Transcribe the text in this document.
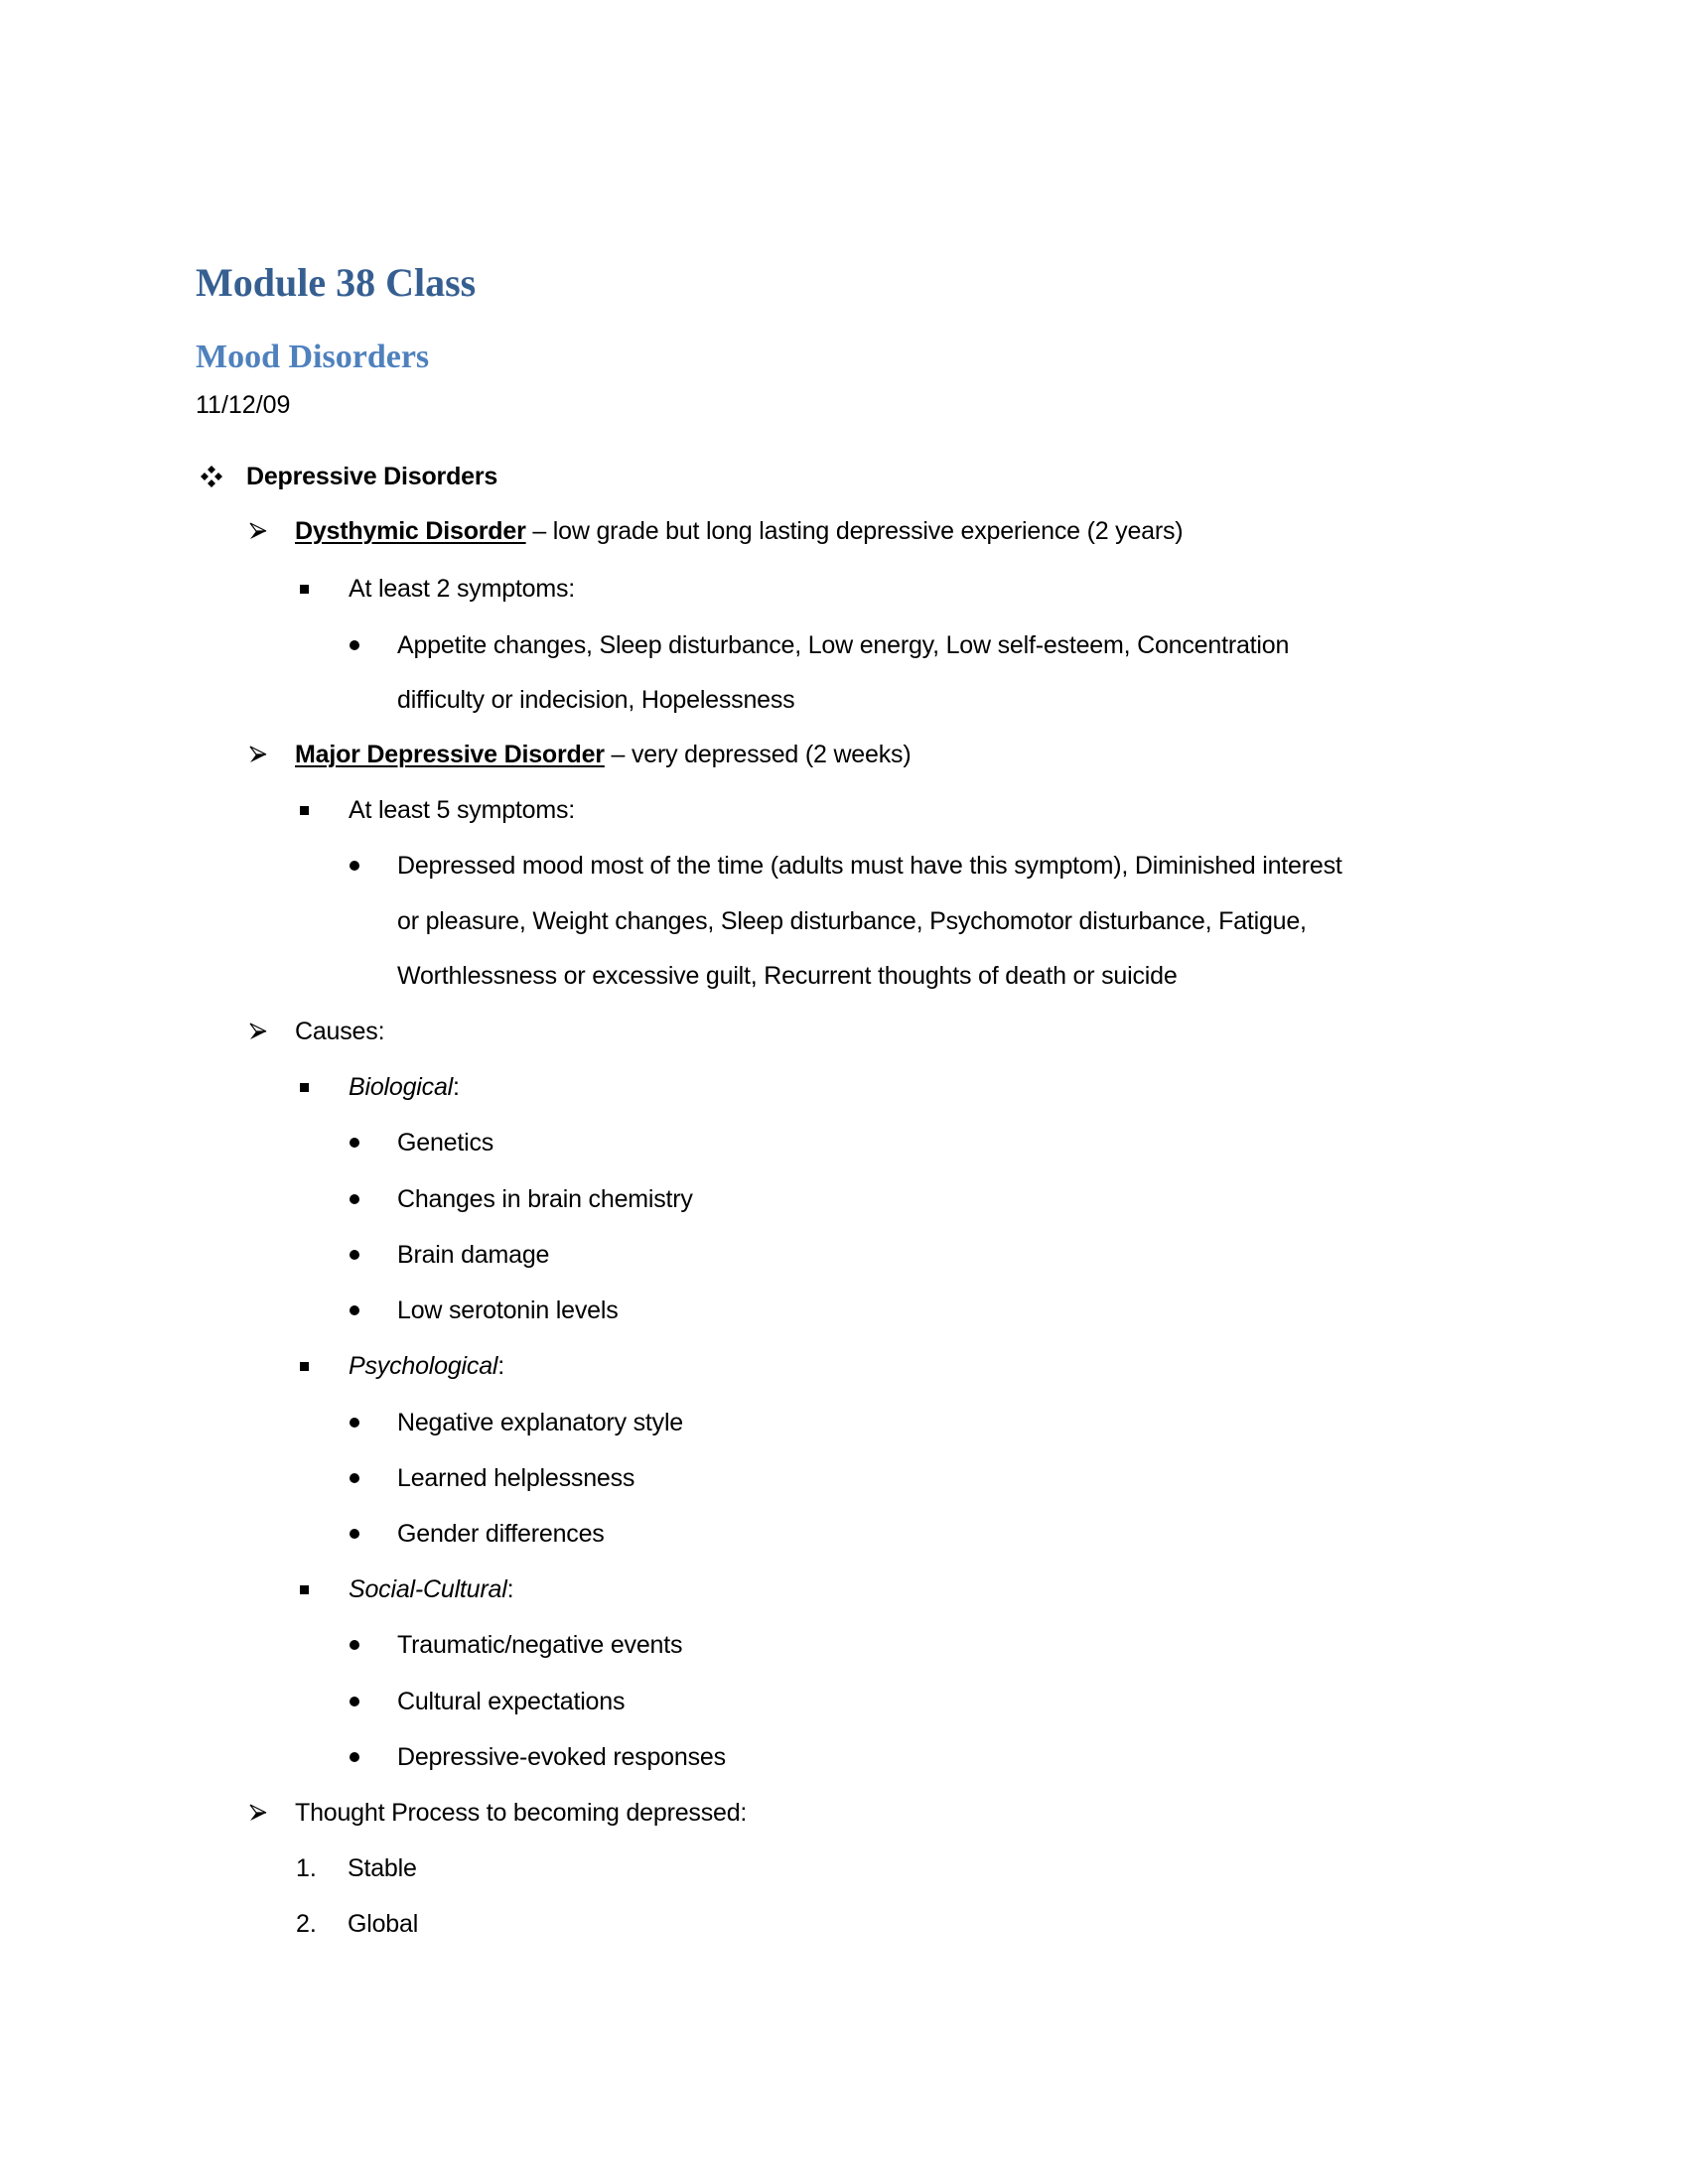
Module 38 Class
Mood Disorders
11/12/09
Depressive Disorders
Dysthymic Disorder – low grade but long lasting depressive experience (2 years)
At least 2 symptoms:
Appetite changes, Sleep disturbance, Low energy, Low self-esteem, Concentration
difficulty or indecision, Hopelessness
Major Depressive Disorder – very depressed (2 weeks)
At least 5 symptoms:
Depressed mood most of the time (adults must have this symptom), Diminished interest
or pleasure, Weight changes, Sleep disturbance, Psychomotor disturbance, Fatigue,
Worthlessness or excessive guilt, Recurrent thoughts of death or suicide
Causes:
Biological:
Genetics
Changes in brain chemistry
Brain damage
Low serotonin levels
Psychological:
Negative explanatory style
Learned helplessness
Gender differences
Social-Cultural:
Traumatic/negative events
Cultural expectations
Depressive-evoked responses
Thought Process to becoming depressed:
1. Stable
2. Global
